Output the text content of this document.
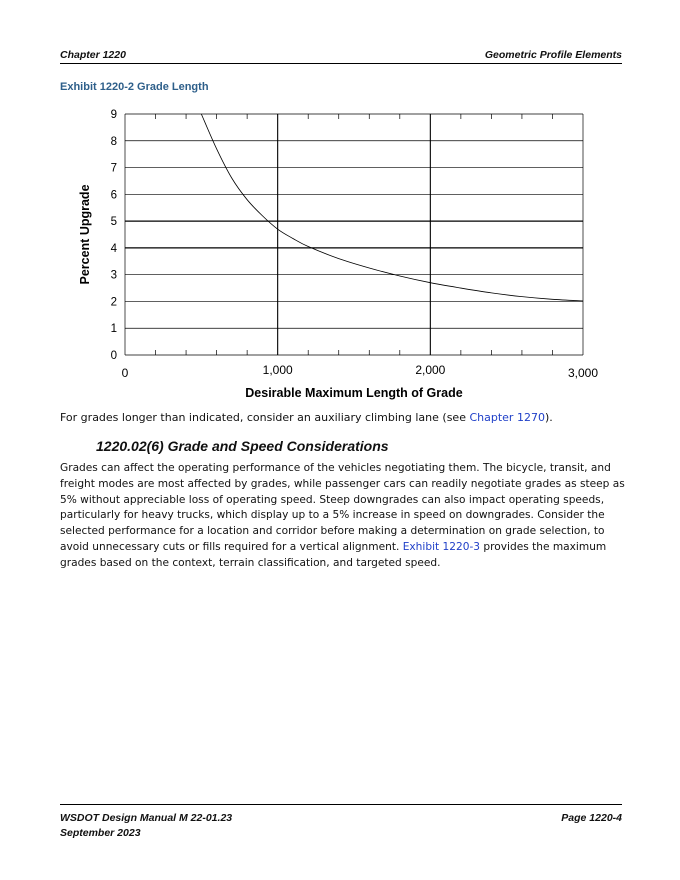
Chapter 1220	Geometric Profile Elements
Exhibit 1220-2 Grade Length
0
1
2
3
4
5
6
7
8
9
0	1,000	2,000	3,000
Desirable Maximum Length of Grade
Percent Upgrade
For grades longer than indicated, consider an auxiliary climbing lane (see Chapter 1270).
1220.02(6) Grade and Speed Considerations
Grades can affect the operating performance of the vehicles negotiating them. The bicycle, transit, and freight modes are most affected by grades, while passenger cars can readily negotiate grades as steep as 5% without appreciable loss of operating speed. Steep downgrades can also impact operating speeds, particularly for heavy trucks, which display up to a 5% increase in speed on downgrades. Consider the selected performance for a location and corridor before making a determination on grade selection, to avoid unnecessary cuts or fills required for a vertical alignment. Exhibit 1220-3 provides the maximum grades based on the context, terrain classification, and targeted speed.
WSDOT Design Manual M 22-01.23
September 2023
Page 1220-4
